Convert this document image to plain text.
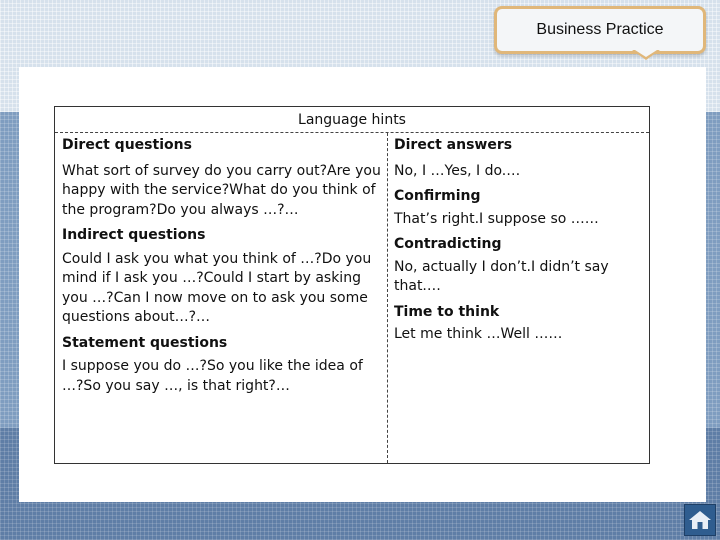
Business Practice
Language hints

Direct questions

What sort of survey do you carry out?Are you happy with the service?What do you think of the program?Do you always …?…

Indirect questions

Could I ask you what you think of …?Do you mind if I ask you …?Could I start by asking you …?Can I now move on to ask you some questions about…?…

Statement questions

I suppose you do …?So you like the idea of …?So you say …, is that right?…

Direct answers

No, I …Yes, I do.…

Confirming

That’s right.I suppose so ……

Contradicting

No, actually I don’t.I didn’t say that.…

Time to think

Let me think …Well ……
